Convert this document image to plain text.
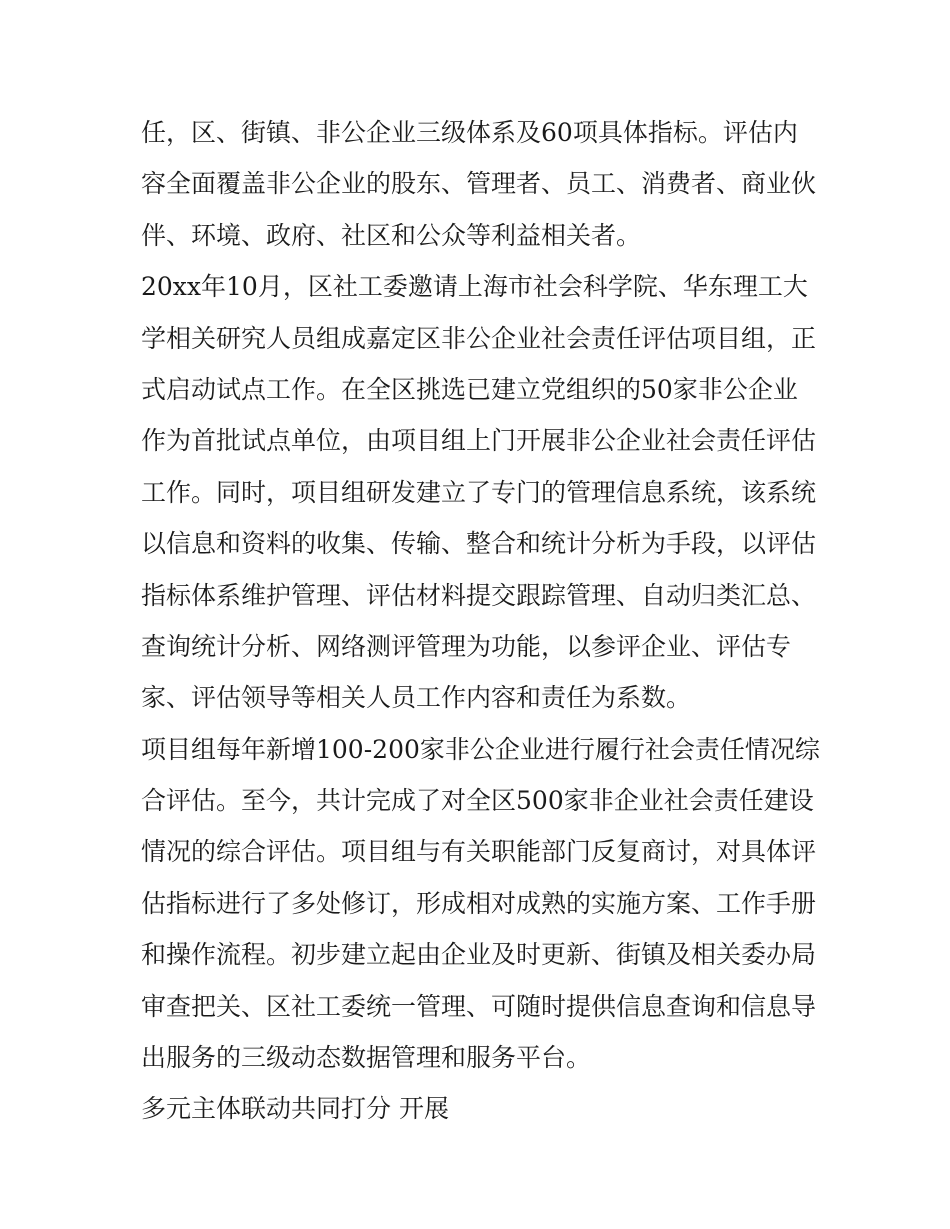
任，区、街镇、非公企业三级体系及60项具体指标。评估内
容全面覆盖非公企业的股东、管理者、员工、消费者、商业伙
伴、环境、政府、社区和公众等利益相关者。
20xx年10月，区社工委邀请上海市社会科学院、华东理工大
学相关研究人员组成嘉定区非公企业社会责任评估项目组，正
式启动试点工作。在全区挑选已建立党组织的50家非公企业
作为首批试点单位，由项目组上门开展非公企业社会责任评估
工作。同时，项目组研发建立了专门的管理信息系统，该系统
以信息和资料的收集、传输、整合和统计分析为手段，以评估
指标体系维护管理、评估材料提交跟踪管理、自动归类汇总、
查询统计分析、网络测评管理为功能，以参评企业、评估专
家、评估领导等相关人员工作内容和责任为系数。
项目组每年新增100-200家非公企业进行履行社会责任情况综
合评估。至今，共计完成了对全区500家非企业社会责任建设
情况的综合评估。项目组与有关职能部门反复商讨，对具体评
估指标进行了多处修订，形成相对成熟的实施方案、工作手册
和操作流程。初步建立起由企业及时更新、街镇及相关委办局
审查把关、区社工委统一管理、可随时提供信息查询和信息导
出服务的三级动态数据管理和服务平台。
多元主体联动共同打分 开展
